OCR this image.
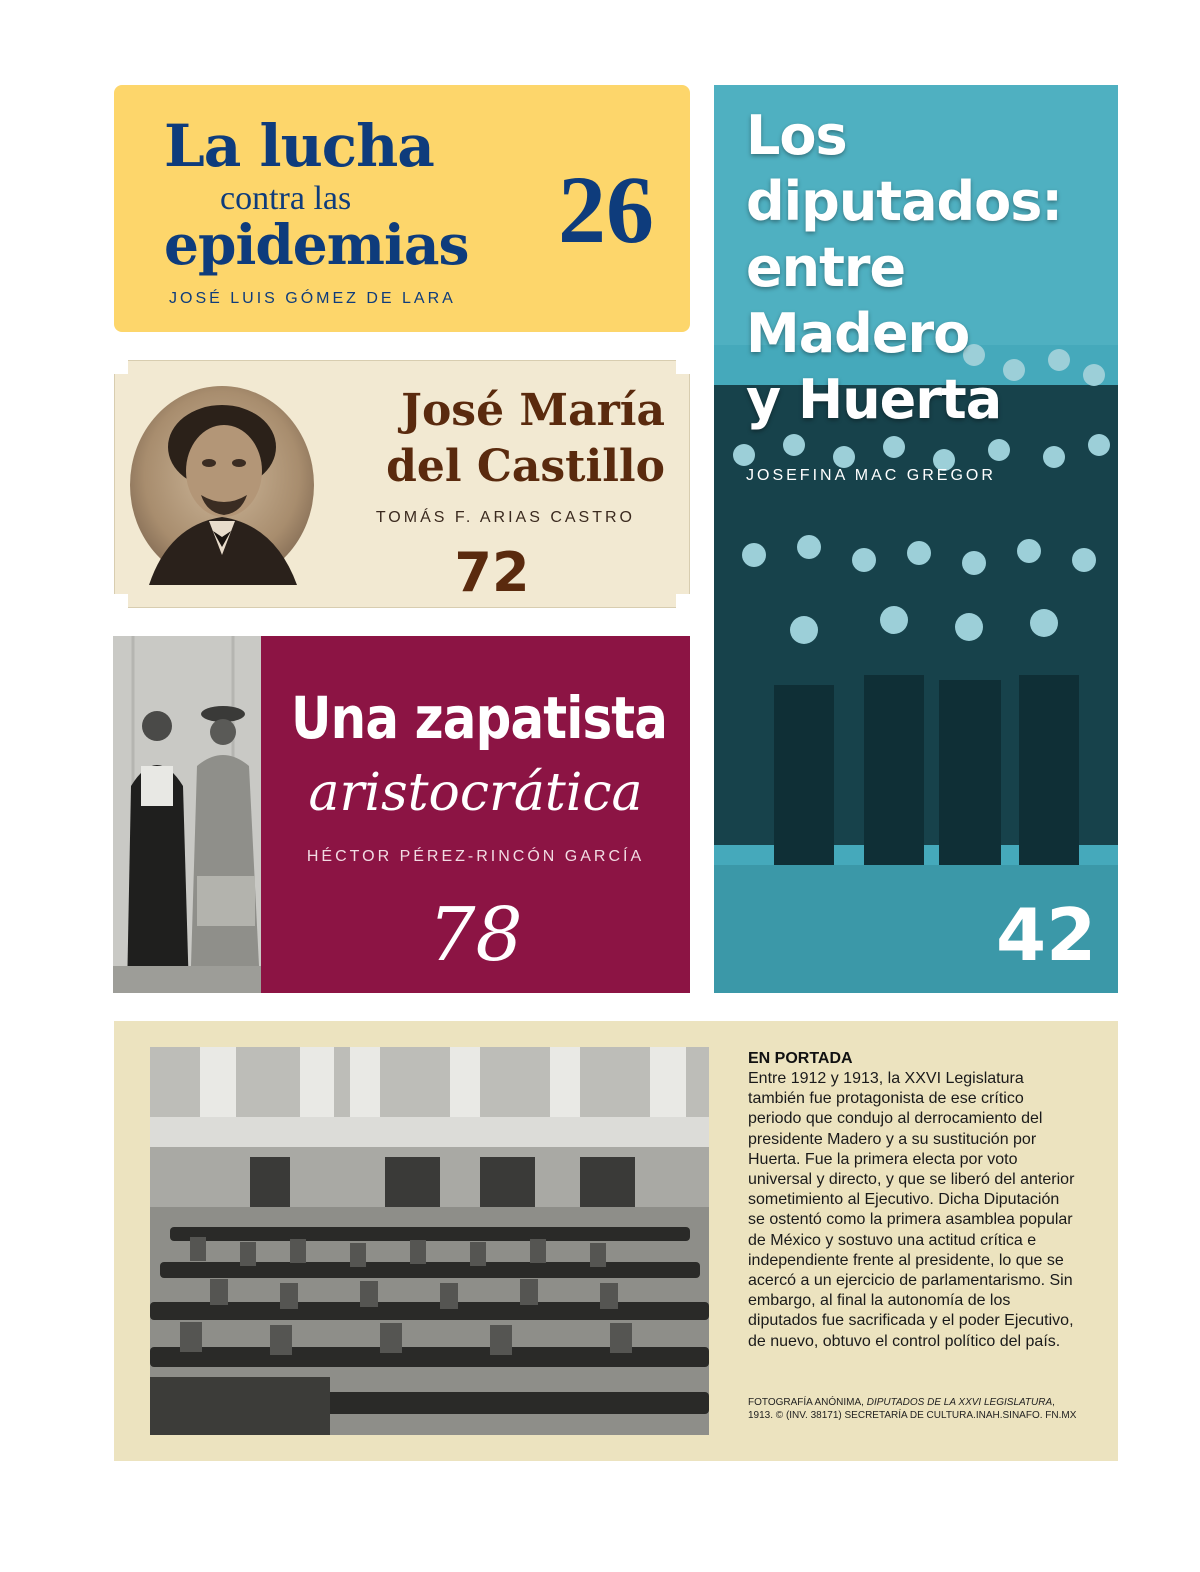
La lucha
contra las
epidemias
JOSÉ LUIS GÓMEZ DE LARA
26
José María
del Castillo
TOMÁS F. ARIAS CASTRO
72
Una zapatista
aristocrática
HÉCTOR PÉREZ-RINCÓN GARCÍA
78
Los
diputados:
entre
Madero
y Huerta
JOSEFINA MAC GREGOR
42
EN PORTADA
Entre 1912 y 1913, la XXVI Legislatura también fue protagonista de ese crítico periodo que condujo al derrocamiento del presidente Madero y a su sustitución por Huerta. Fue la primera electa por voto universal y directo, y que se liberó del anterior sometimiento al Ejecutivo. Dicha Diputación se ostentó como la primera asamblea popular de México y sostuvo una actitud crítica e independiente frente al presidente, lo que se acercó a un ejercicio de parlamentarismo. Sin embargo, al final la autonomía de los diputados fue sacrificada y el poder Ejecutivo, de nuevo, obtuvo el control político del país.
FOTOGRAFÍA ANÓNIMA, DIPUTADOS DE LA XXVI LEGISLATURA, 1913. © (INV. 38171) SECRETARÍA DE CULTURA.INAH.SINAFO. FN.MX
